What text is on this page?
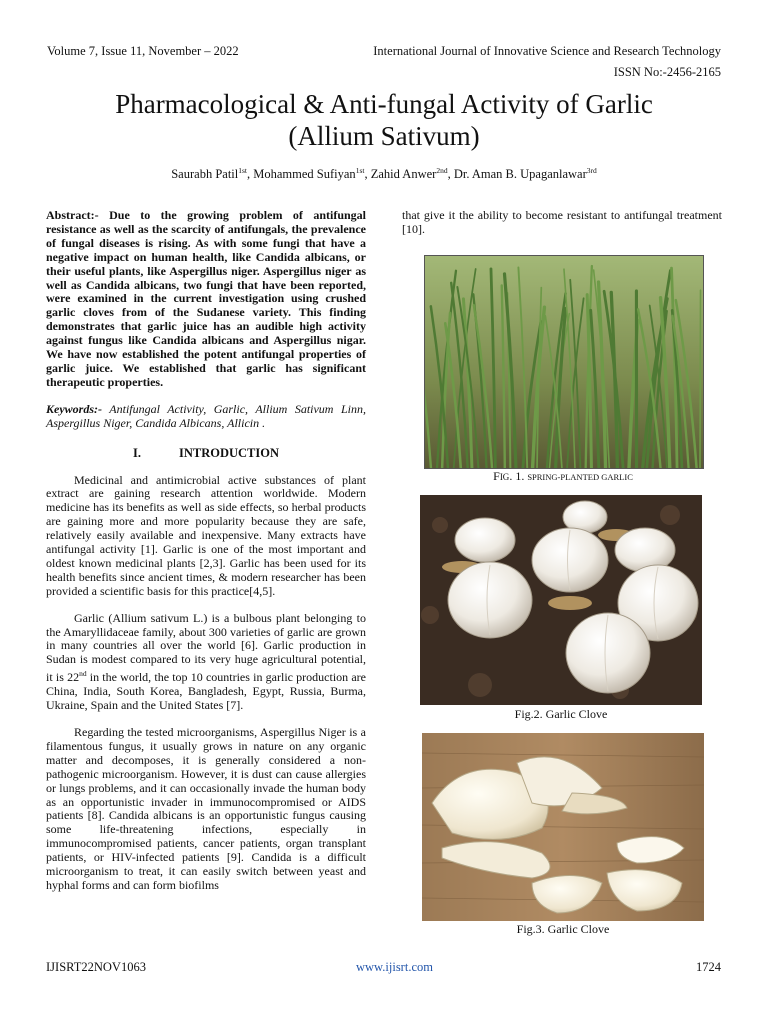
Volume 7, Issue 11, November – 2022	International Journal of Innovative Science and Research Technology
ISSN No:-2456-2165
Pharmacological & Anti-fungal Activity of Garlic
(Allium Sativum)
Saurabh Patil$^{1st}$, Mohammed Sufiyan$^{1st}$, Zahid Anwer$^{2nd}$, Dr. Aman B. Upaganlawar$^{3rd}$

Abstract:- Due to the growing problem of antifungal resistance as well as the scarcity of antifungals, the prevalence of fungal diseases is rising. As with some fungi that have a negative impact on human health, like Candida albicans, or their useful plants, like Aspergillus niger. Aspergillus niger as well as Candida albicans, two fungi that have been reported, were examined in the current investigation using crushed garlic cloves from of the Sudanese variety. This finding demonstrates that garlic juice has an audible high activity against fungus like Candida albicans and Aspergillus nigar. We have now established the potent antifungal properties of garlic juice. We established that garlic has significant therapeutic properties.

Keywords:- Antifungal Activity, Garlic, Allium Sativum Linn, Aspergillus Niger, Candida Albicans, Allicin .

I.	INTRODUCTION

Medicinal and antimicrobial active substances of plant extract are gaining research attention worldwide. Modern medicine has its benefits as well as side effects, so herbal products are gaining more and more popularity because they are safe, relatively easily available and inexpensive. Many extracts have antifungal activity [1]. Garlic is one of the most important and oldest known medicinal plants [2,3]. Garlic has been used for its health benefits since ancient times, & modern researcher has been provided a scientific basis for this practice[4,5].

Garlic (Allium sativum L.) is a bulbous plant belonging to the Amaryllidaceae family, about 300 varieties of garlic are grown in many countries all over the world [6]. Garlic production in Sudan is modest compared to its very huge agricultural potential, it is 22nd in the world, the top 10 countries in garlic production are China, India, South Korea, Bangladesh, Egypt, Russia, Burma, Ukraine, Spain and the United States [7].

Regarding the tested microorganisms, Aspergillus Niger is a filamentous fungus, it usually grows in nature on any organic matter and decomposes, it is generally considered a non-pathogenic microorganism. However, it is dust can cause allergies or lungs problems, and it can occasionally invade the human body as an opportunistic invader in immunocompromised or AIDS patients [8]. Candida albicans is an opportunistic fungus causing some life-threatening infections, especially in immunocompromised patients, cancer patients, organ transplant patients, or HIV-infected patients [9]. Candida is a difficult microorganism to treat, it can easily switch between yeast and hyphal forms and can form biofilms

that give it the ability to become resistant to antifungal treatment [10].
FIG. 1. SPRING-PLANTED GARLIC
Fig.2. Garlic Clove
Fig.3. Garlic Clove
IJISRT22NOV1063	www.ijisrt.com	1724
